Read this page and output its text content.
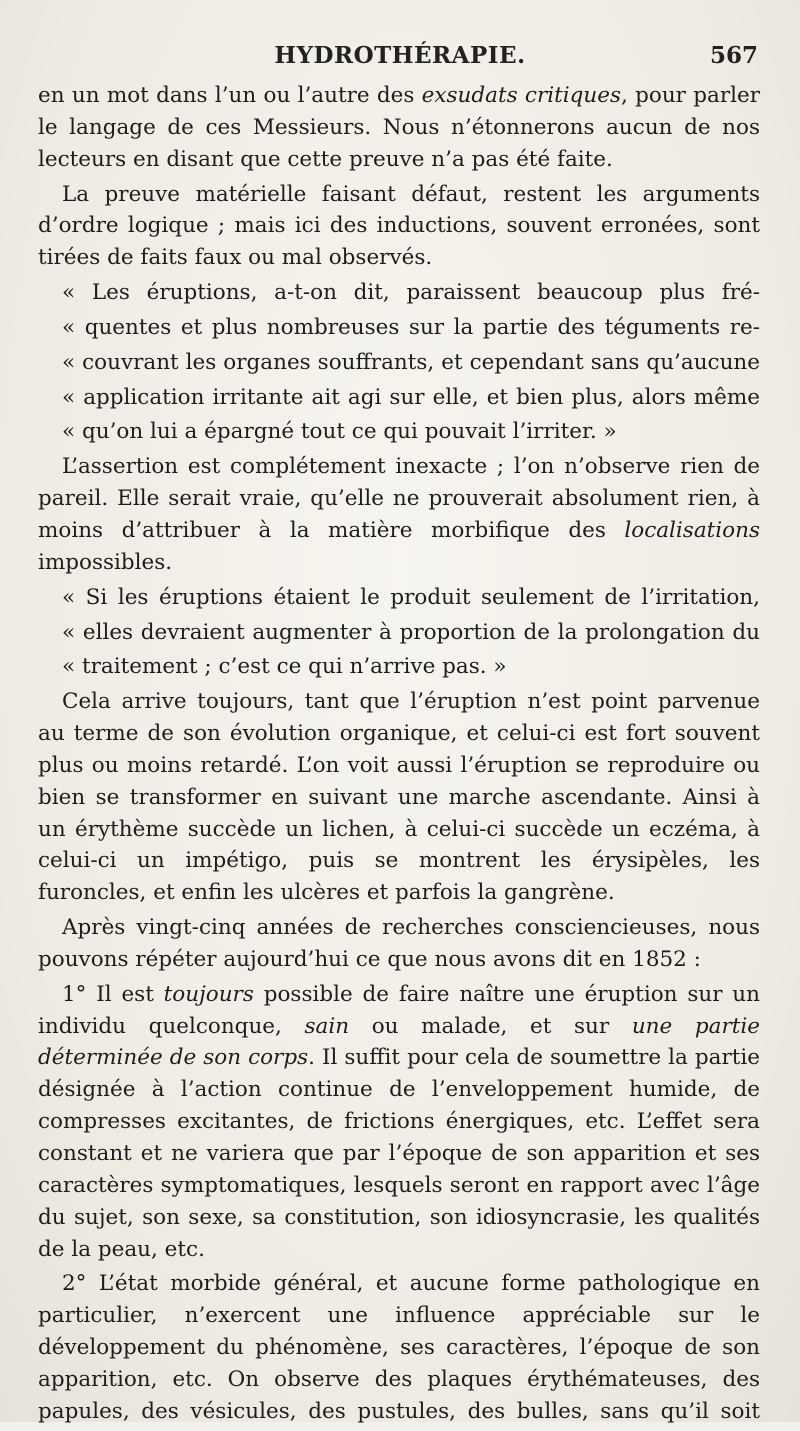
HYDROTHÉRAPIE.	567

en un mot dans l’un ou l’autre des exsudats critiques, pour parler le langage de ces Messieurs. Nous n’étonnerons aucun de nos lecteurs en disant que cette preuve n’a pas été faite.

La preuve matérielle faisant défaut, restent les arguments d’ordre logique ; mais ici des inductions, souvent erronées, sont tirées de faits faux ou mal observés.

« Les éruptions, a-t-on dit, paraissent beaucoup plus fré-

« quentes et plus nombreuses sur la partie des téguments re-

« couvrant les organes souffrants, et cependant sans qu’aucune

« application irritante ait agi sur elle, et bien plus, alors même

« qu’on lui a épargné tout ce qui pouvait l’irriter. »

L’assertion est complétement inexacte ; l’on n’observe rien de pareil. Elle serait vraie, qu’elle ne prouverait absolument rien, à moins d’attribuer à la matière morbifique des localisations impossibles.

« Si les éruptions étaient le produit seulement de l’irritation,

« elles devraient augmenter à proportion de la prolongation du

« traitement ; c’est ce qui n’arrive pas. »

Cela arrive toujours, tant que l’éruption n’est point parvenue au terme de son évolution organique, et celui-ci est fort souvent plus ou moins retardé. L’on voit aussi l’éruption se reproduire ou bien se transformer en suivant une marche ascendante. Ainsi à un érythème succède un lichen, à celui-ci succède un eczéma, à celui-ci un impétigo, puis se montrent les érysipèles, les furoncles, et enfin les ulcères et parfois la gangrène.

Après vingt-cinq années de recherches consciencieuses, nous pouvons répéter aujourd’hui ce que nous avons dit en 1852 :

1° Il est toujours possible de faire naître une éruption sur un individu quelconque, sain ou malade, et sur une partie déterminée de son corps. Il suffit pour cela de soumettre la partie désignée à l’action continue de l’enveloppement humide, de compresses excitantes, de frictions énergiques, etc. L’effet sera constant et ne variera que par l’époque de son apparition et ses caractères symptomatiques, lesquels seront en rapport avec l’âge du sujet, son sexe, sa constitution, son idiosyncrasie, les qualités de la peau, etc.

2° L’état morbide général, et aucune forme pathologique en particulier, n’exercent une influence appréciable sur le développement du phénomène, ses caractères, l’époque de son apparition, etc. On observe des plaques érythémateuses, des papules, des vésicules, des pustules, des bulles, sans qu’il soit
